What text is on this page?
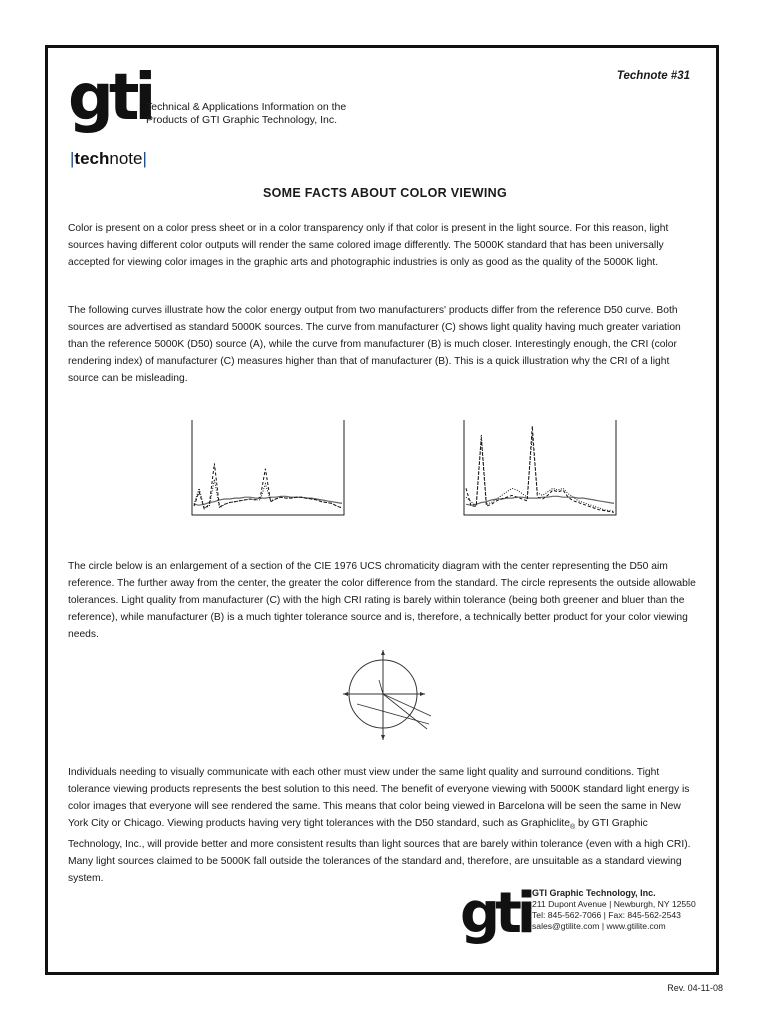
Technote #31
gti
|technote|
Technical & Applications Information on the
Products of GTI Graphic Technology, Inc.
SOME FACTS ABOUT COLOR VIEWING
Color is present on a color press sheet or in a color transparency only if that color is present in the light source. For this reason, light sources having different color outputs will render the same colored image differently. The 5000K standard that has been universally accepted for viewing color images in the graphic arts and photographic industries is only as good as the quality of the 5000K light.
The following curves illustrate how the color energy output from two manufacturers' products differ from the reference D50 curve. Both sources are advertised as standard 5000K sources. The curve from manufacturer (C) shows light quality having much greater variation than the reference 5000K (D50) source (A), while the curve from manufacturer (B) is much closer. Interestingly enough, the CRI (color rendering index) of manufacturer (C) measures higher than that of manufacturer (B). This is a quick illustration why the CRI of a light source can be misleading.
The circle below is an enlargement of a section of the CIE 1976 UCS chromaticity diagram with the center representing the D50 aim reference. The further away from the center, the greater the color difference from the standard. The circle represents the outside allowable tolerances. Light quality from manufacturer (C) with the high CRI rating is barely within tolerance (being both greener and bluer than the reference), while manufacturer (B) is a much tighter tolerance source and is, therefore, a technically better product for your color viewing needs.
Individuals needing to visually communicate with each other must view under the same light quality and surround conditions. Tight tolerance viewing products represents the best solution to this need. The benefit of everyone viewing with 5000K standard light energy is color images that everyone will see rendered the same. This means that color being viewed in Barcelona will be seen the same in New York City or Chicago. Viewing products having very tight tolerances with the D50 standard, such as Graphiclite$_®$ by GTI Graphic Technology, Inc., will provide better and more consistent results than light sources that are barely within tolerance (even with a high CRI). Many light sources claimed to be 5000K fall outside the tolerances of the standard and, therefore, are unsuitable as a standard viewing system.
gti GTI Graphic Technology, Inc.
211 Dupont Avenue | Newburgh, NY 12550
Tel: 845-562-7066 | Fax: 845-562-2543
sales@gtilite.com | www.gtilite.com
Rev. 04-11-08
